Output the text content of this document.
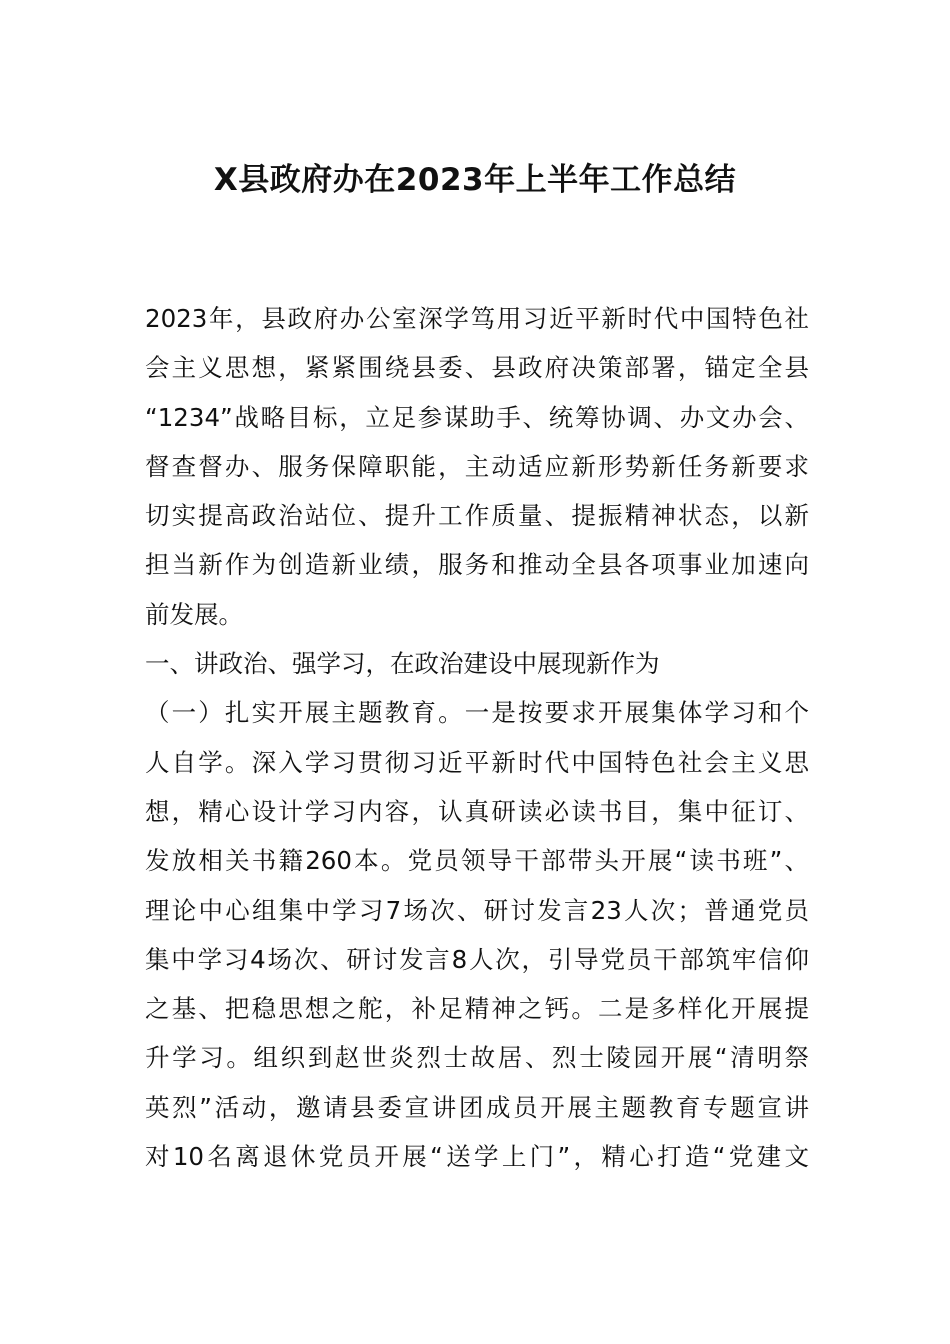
X县政府办在2023年上半年工作总结
2023年，县政府办公室深学笃用习近平新时代中国特色社
会主义思想，紧紧围绕县委、县政府决策部署，锚定全县
“1234”战略目标，立足参谋助手、统筹协调、办文办会、
督查督办、服务保障职能，主动适应新形势新任务新要求
切实提高政治站位、提升工作质量、提振精神状态，以新
担当新作为创造新业绩，服务和推动全县各项事业加速向
前发展。
一、讲政治、强学习，在政治建设中展现新作为
（一）扎实开展主题教育。一是按要求开展集体学习和个
人自学。深入学习贯彻习近平新时代中国特色社会主义思
想，精心设计学习内容，认真研读必读书目，集中征订、
发放相关书籍260本。党员领导干部带头开展“读书班”、
理论中心组集中学习7场次、研讨发言23人次；普通党员
集中学习4场次、研讨发言8人次，引导党员干部筑牢信仰
之基、把稳思想之舵，补足精神之钙。二是多样化开展提
升学习。组织到赵世炎烈士故居、烈士陵园开展“清明祭
英烈”活动，邀请县委宣讲团成员开展主题教育专题宣讲
对10名离退休党员开展“送学上门”，精心打造“党建文
